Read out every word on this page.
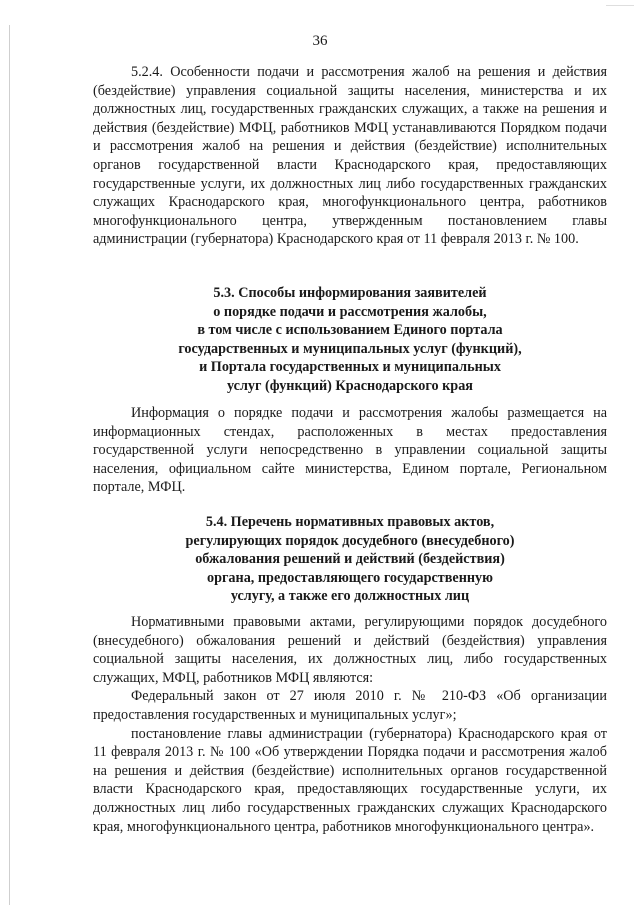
36

5.2.4. Особенности подачи и рассмотрения жалоб на решения и действия (бездействие) управления социальной защиты населения, министерства и их должностных лиц, государственных гражданских служащих, а также на решения и действия (бездействие) МФЦ, работников МФЦ устанавливаются Порядком подачи и рассмотрения жалоб на решения и действия (бездействие) исполнительных органов государственной власти Краснодарского края, предоставляющих государственные услуги, их должностных лиц либо государственных гражданских служащих Краснодарского края, многофункционального центра, работников многофункционального центра, утвержденным постановлением главы администрации (губернатора) Краснодарского края от 11 февраля 2013 г. № 100.

5.3. Способы информирования заявителей
о порядке подачи и рассмотрения жалобы,
в том числе с использованием Единого портала
государственных и муниципальных услуг (функций),
и Портала государственных и муниципальных
услуг (функций) Краснодарского края

Информация о порядке подачи и рассмотрения жалобы размещается на информационных стендах, расположенных в местах предоставления государственной услуги непосредственно в управлении социальной защиты населения, официальном сайте министерства, Едином портале, Региональном портале, МФЦ.

5.4. Перечень нормативных правовых актов,
регулирующих порядок досудебного (внесудебного)
обжалования решений и действий (бездействия)
органа, предоставляющего государственную
услугу, а также его должностных лиц

Нормативными правовыми актами, регулирующими порядок досудебного (внесудебного) обжалования решений и действий (бездействия) управления социальной защиты населения, их должностных лиц, либо государственных служащих, МФЦ, работников МФЦ являются:

Федеральный закон от 27 июля 2010 г. № 210-ФЗ «Об организации предоставления государственных и муниципальных услуг»;

постановление главы администрации (губернатора) Краснодарского края от 11 февраля 2013 г. № 100 «Об утверждении Порядка подачи и рассмотрения жалоб на решения и действия (бездействие) исполнительных органов государственной власти Краснодарского края, предоставляющих государственные услуги, их должностных лиц либо государственных гражданских служащих Краснодарского края, многофункционального центра, работников многофункционального центра».
